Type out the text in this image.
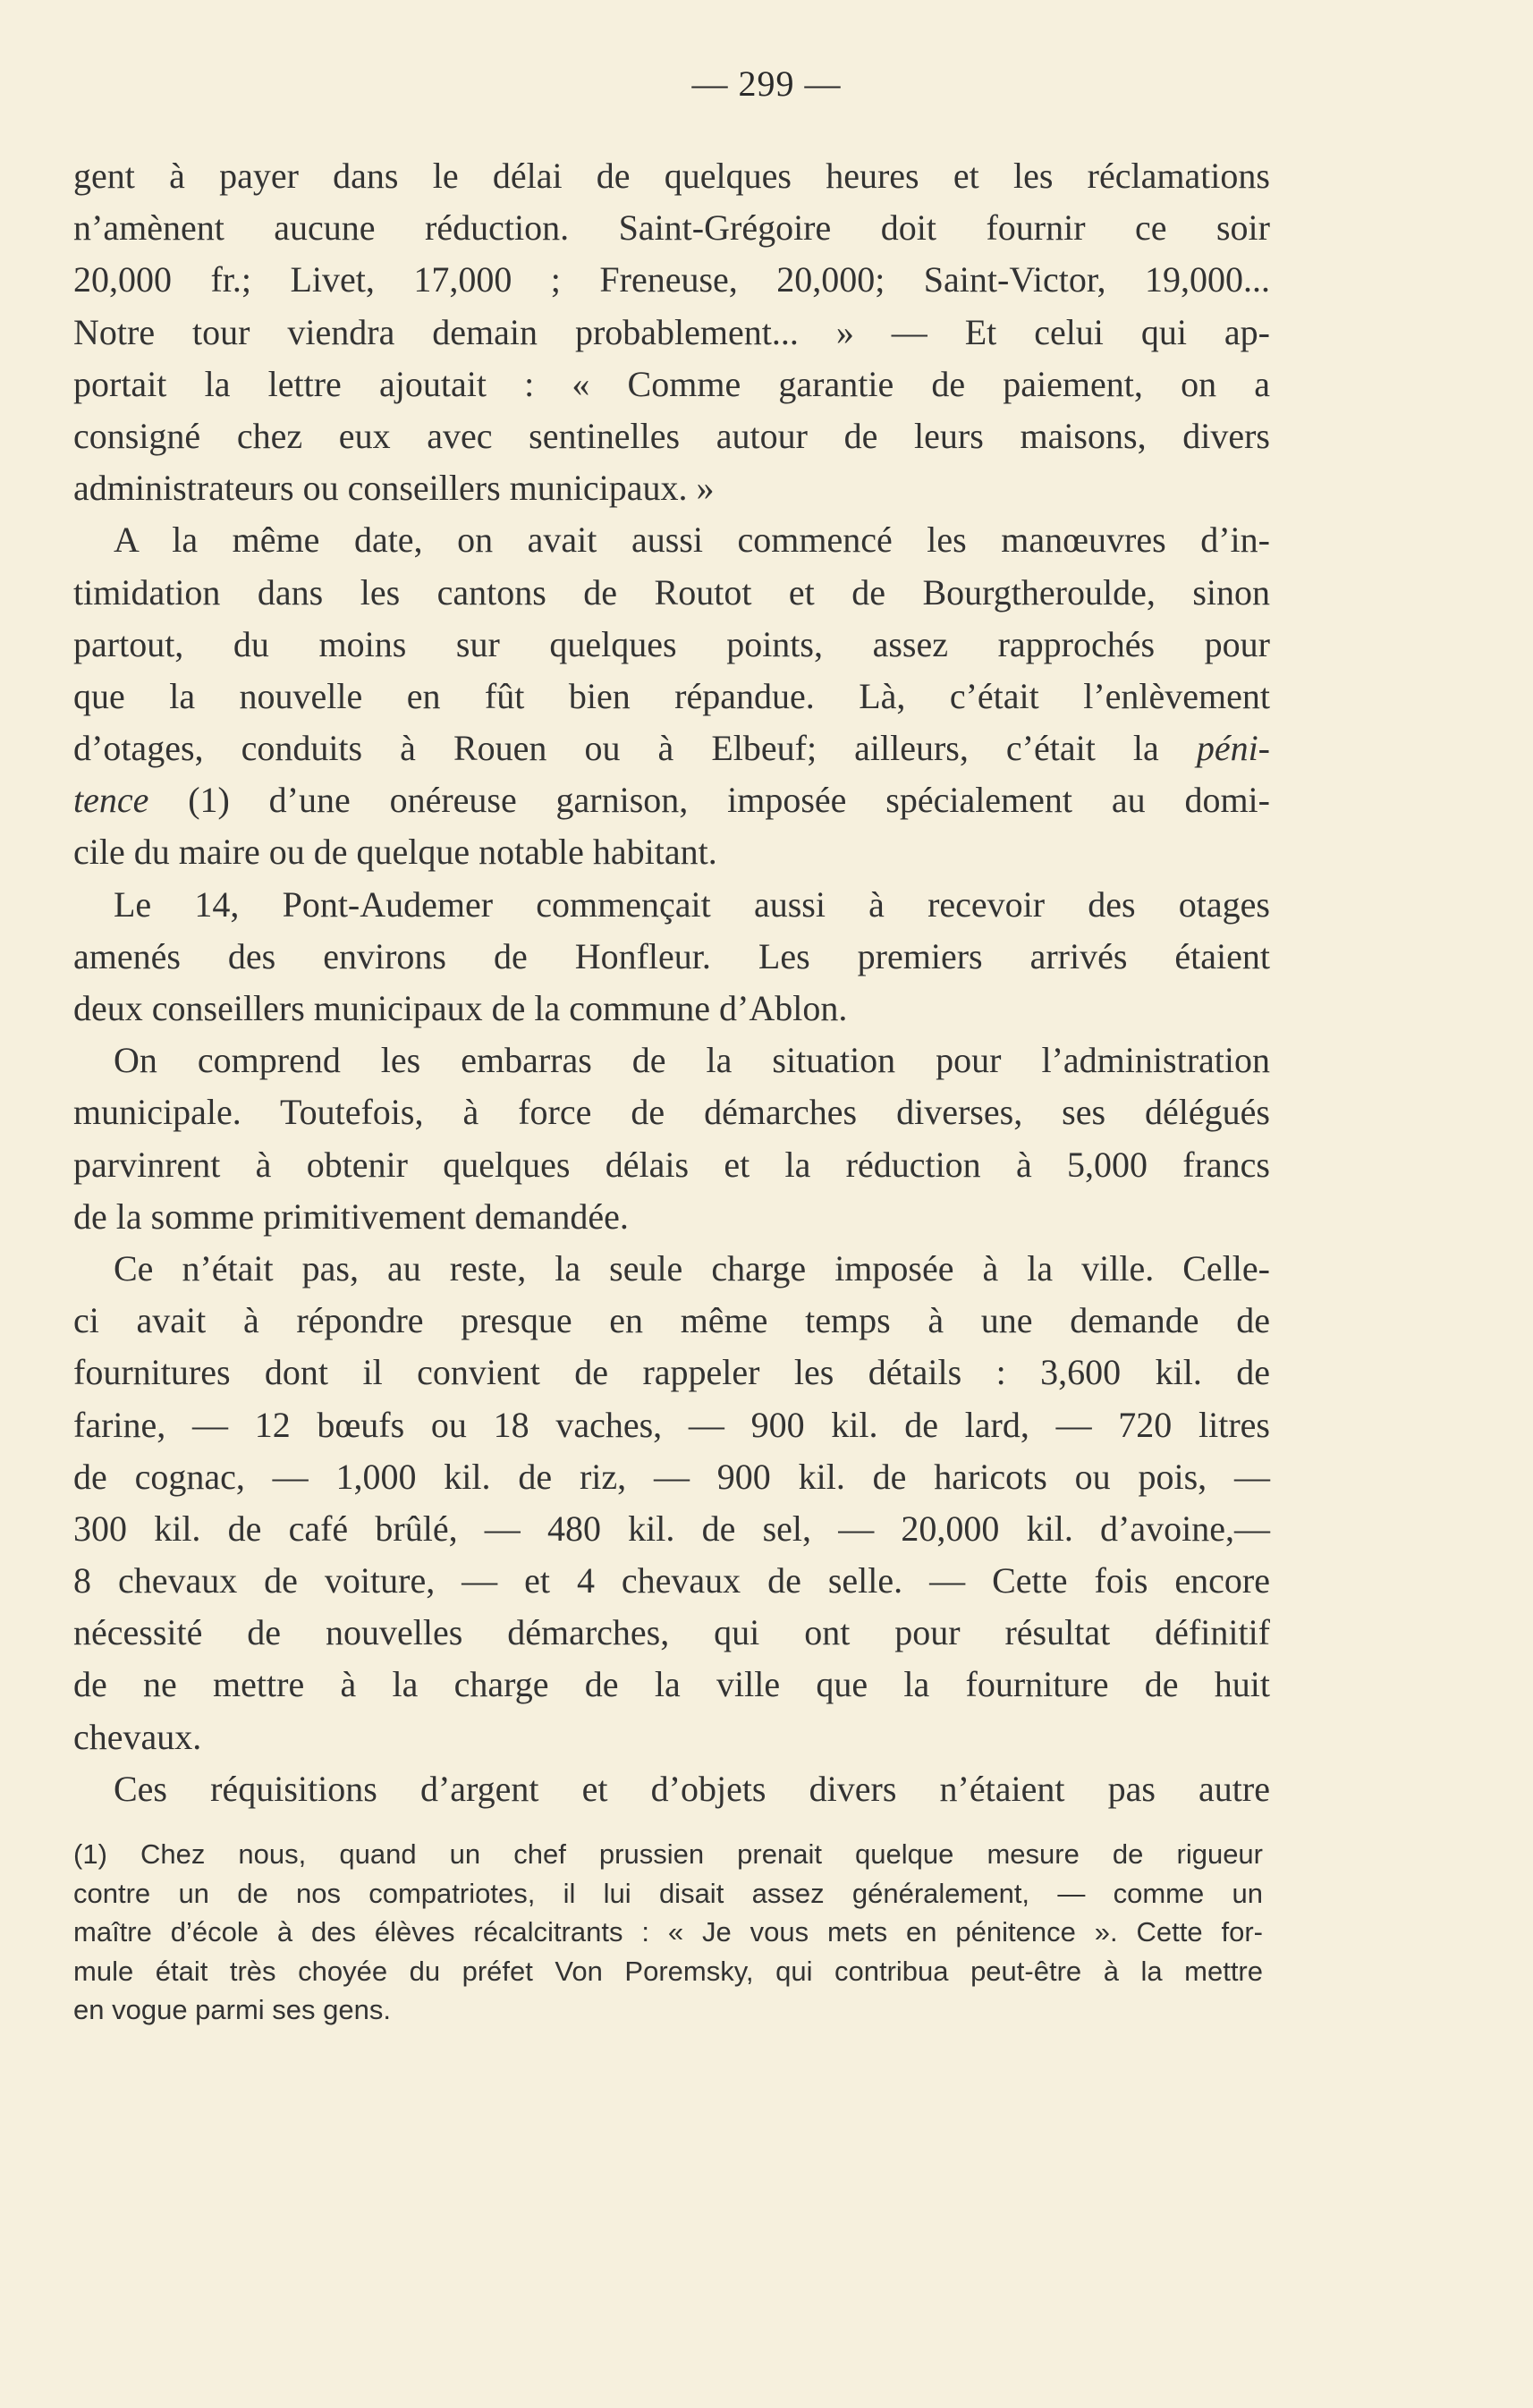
— 299 —
gent à payer dans le délai de quelques heures et les réclamations
n’amènent aucune réduction. Saint-Grégoire doit fournir ce soir
20,000 fr.; Livet, 17,000 ; Freneuse, 20,000; Saint-Victor, 19,000...
Notre tour viendra demain probablement... » — Et celui qui ap-
portait la lettre ajoutait : « Comme garantie de paiement, on a
consigné chez eux avec sentinelles autour de leurs maisons, divers
administrateurs ou conseillers municipaux. »
A la même date, on avait aussi commencé les manœuvres d’in-
timidation dans les cantons de Routot et de Bourgtheroulde, sinon
partout, du moins sur quelques points, assez rapprochés pour
que la nouvelle en fût bien répandue. Là, c’était l’enlèvement
d’otages, conduits à Rouen ou à Elbeuf; ailleurs, c’était la péni-
tence (1) d’une onéreuse garnison, imposée spécialement au domi-
cile du maire ou de quelque notable habitant.
Le 14, Pont-Audemer commençait aussi à recevoir des otages
amenés des environs de Honfleur. Les premiers arrivés étaient
deux conseillers municipaux de la commune d’Ablon.
On comprend les embarras de la situation pour l’administration
municipale. Toutefois, à force de démarches diverses, ses délégués
parvinrent à obtenir quelques délais et la réduction à 5,000 francs
de la somme primitivement demandée.
Ce n’était pas, au reste, la seule charge imposée à la ville. Celle-
ci avait à répondre presque en même temps à une demande de
fournitures dont il convient de rappeler les détails : 3,600 kil. de
farine, — 12 bœufs ou 18 vaches, — 900 kil. de lard, — 720 litres
de cognac, — 1,000 kil. de riz, — 900 kil. de haricots ou pois, —
300 kil. de café brûlé, — 480 kil. de sel, — 20,000 kil. d’avoine,—
8 chevaux de voiture, — et 4 chevaux de selle. — Cette fois encore
nécessité de nouvelles démarches, qui ont pour résultat définitif
de ne mettre à la charge de la ville que la fourniture de huit
chevaux.
Ces réquisitions d’argent et d’objets divers n’étaient pas autre
(1) Chez nous, quand un chef prussien prenait quelque mesure de rigueur
contre un de nos compatriotes, il lui disait assez généralement, — comme un
maître d’école à des élèves récalcitrants : « Je vous mets en pénitence ». Cette for-
mule était très choyée du préfet Von Poremsky, qui contribua peut-être à la mettre
en vogue parmi ses gens.
